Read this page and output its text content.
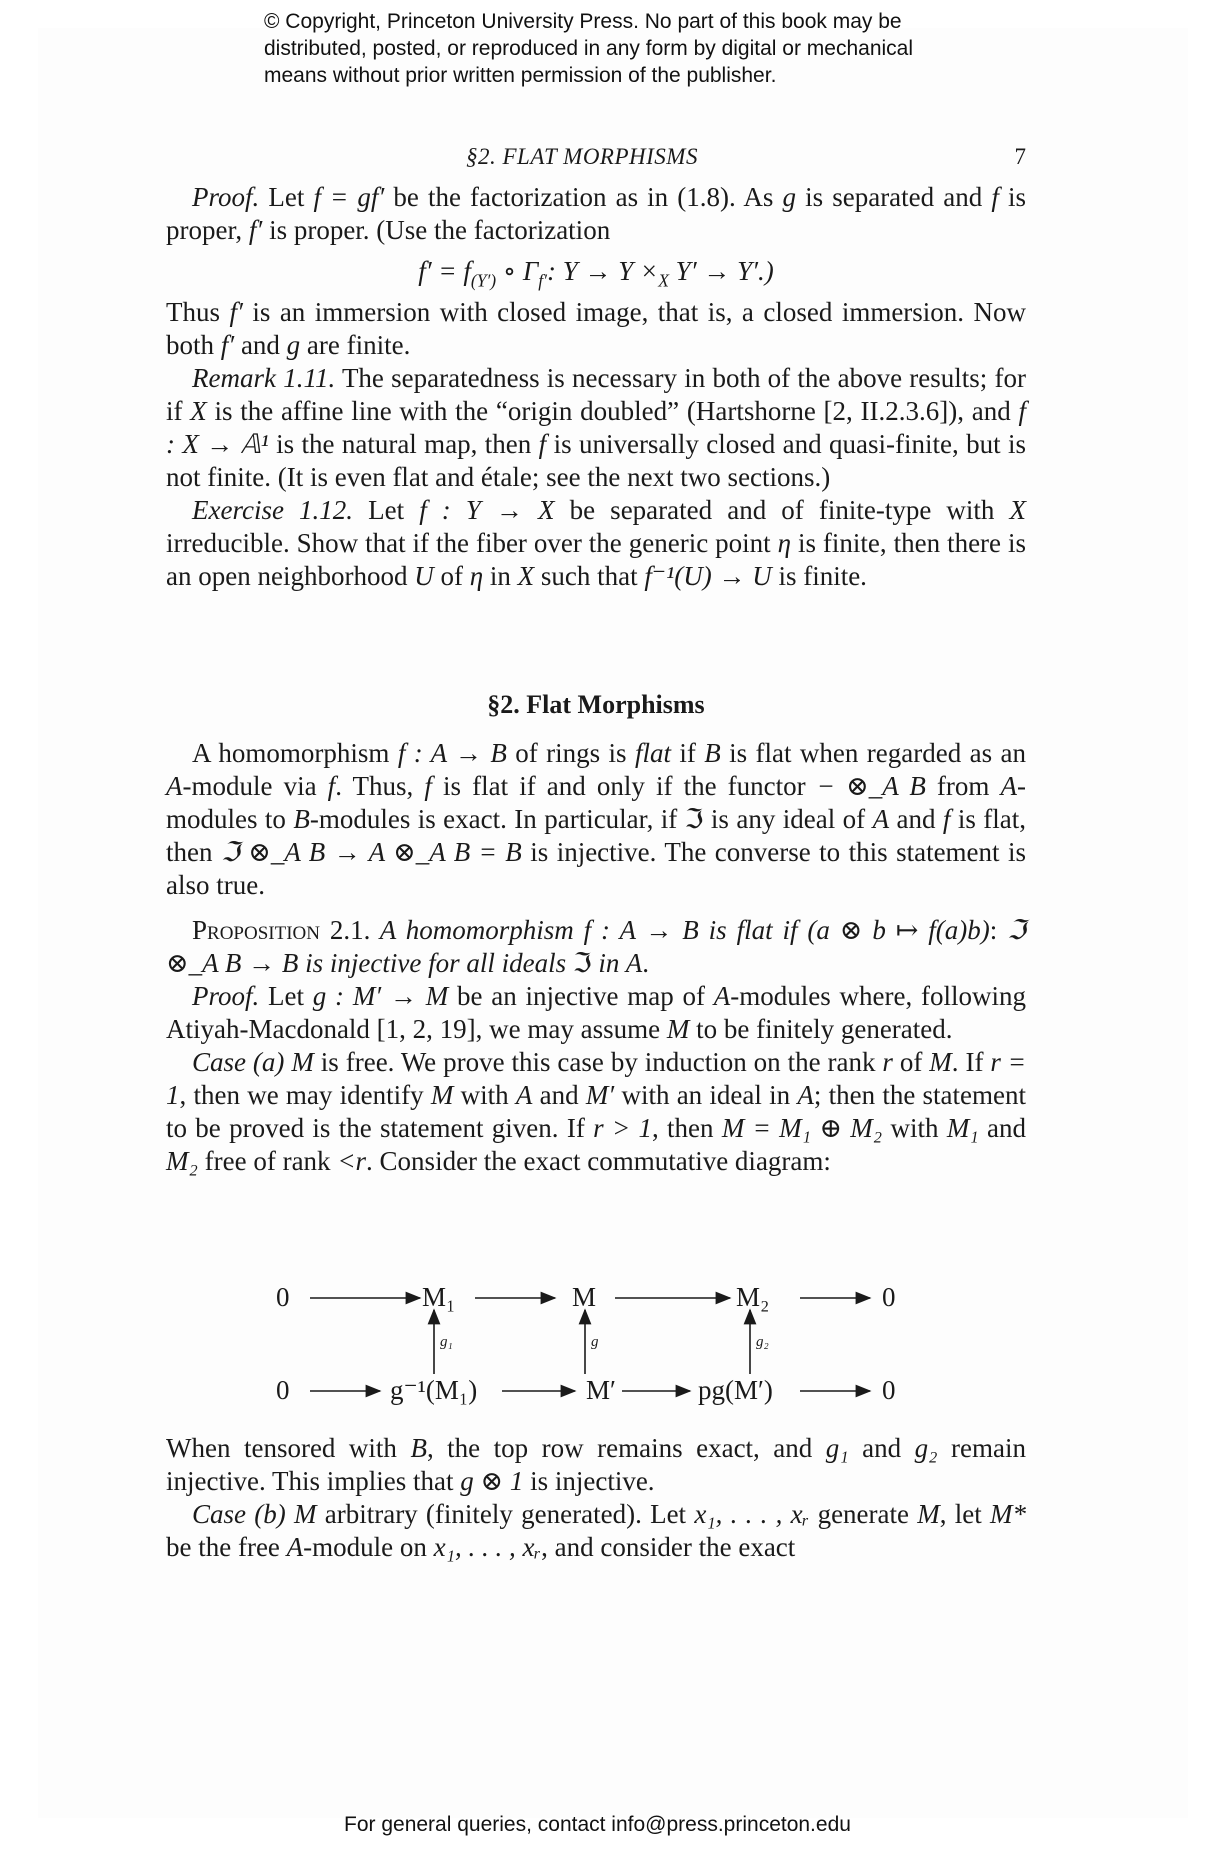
© Copyright, Princeton University Press. No part of this book may be
distributed, posted, or reproduced in any form by digital or mechanical
means without prior written permission of the publisher.
§2. FLAT MORPHISMS	7

Proof. Let f = gf′ be the factorization as in (1.8). As g is separated and f is proper, f′ is proper. (Use the factorization

$f' = f_{(Y')}$ ∘ $\Gamma_{f'}$: $Y \to Y \times_X$ Y′ → Y′.)

Thus f′ is an immersion with closed image, that is, a closed immersion. Now both f′ and g are finite.

Remark 1.11. The separatedness is necessary in both of the above results; for if X is the affine line with the “origin doubled” (Hartshorne [2, II.2.3.6]), and f : X → 𝔸¹ is the natural map, then f is universally closed and quasi-finite, but is not finite. (It is even flat and étale; see the next two sections.)

Exercise 1.12. Let f : Y → X be separated and of finite-type with X irreducible. Show that if the fiber over the generic point η is finite, then there is an open neighborhood U of η in X such that f⁻¹(U) → U is finite.

§2. Flat Morphisms

A homomorphism f : A → B of rings is flat if B is flat when regarded as an A-module via f. Thus, f is flat if and only if the functor − ⊗_A B from A-modules to B-modules is exact. In particular, if ℑ is any ideal of A and f is flat, then ℑ ⊗_A B → A ⊗_A B = B is injective. The converse to this statement is also true.

Proposition 2.1. A homomorphism f : A → B is flat if (a ⊗ b ↦ f(a)b): ℑ ⊗_A B → B is injective for all ideals ℑ in A.

Proof. Let g : M′ → M be an injective map of A-modules where, following Atiyah-Macdonald [1, 2, 19], we may assume M to be finitely generated.

Case (a) M is free. We prove this case by induction on the rank r of M. If r = 1, then we may identify M with A and M′ with an ideal in A; then the statement to be proved is the statement given. If r > 1, then M = M₁ ⊕ M₂ with M₁ and M₂ free of rank <r. Consider the exact commutative diagram:

0	M₁	M	M₂	0
0	g⁻¹(M₁)	M′	pg(M′)	0
g₁	g	g₂

When tensored with B, the top row remains exact, and g₁ and g₂ remain injective. This implies that g ⊗ 1 is injective.

Case (b) M arbitrary (finitely generated). Let x₁, . . . , xᵣ generate M, let M* be the free A-module on x₁, . . . , xᵣ, and consider the exact

For general queries, contact info@press.princeton.edu
